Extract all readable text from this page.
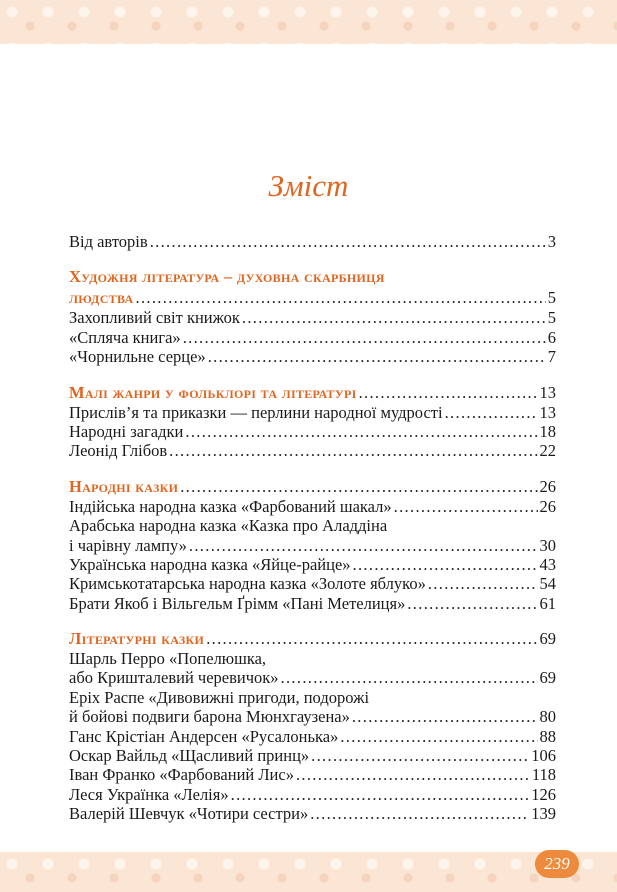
Зміст
Від авторів . . .	3
Художня література – духовна скарбниця
людства . . .	5
Захопливий світ книжок . . .	5
«Спляча книга» . . .	6
«Чорнильне серце» . . .	7
Малі жанри у фольклорі та літературі . . .	13
Прислів’я та приказки — перлини народної мудрості . . .	13
Народні загадки . . .	18
Леонід Глібов . . .	22
Народні казки . . .	26
Індійська народна казка «Фарбований шакал» . . .	26
Арабська народна казка «Казка про Аладдіна
і чарівну лампу» . . .	30
Українська народна казка «Яйце-райце» . . .	43
Кримськотатарська народна казка «Золоте яблуко» . . .	54
Брати Якоб і Вільгельм Ґрімм «Пані Метелиця» . . .	61
Літературні казки . . .	69
Шарль Перро «Попелюшка,
або Кришталевий черевичок» . . .	69
Еріх Распе «Дивовижні пригоди, подорожі
й бойові подвиги барона Мюнхгаузена» . . .	80
Ганс Крістіан Андерсен «Русалонька» . . .	88
Оскар Вайльд «Щасливий принц» . . .	106
Іван Франко «Фарбований Лис» . . .	118
Леся Українка «Лелія» . . .	126
Валерій Шевчук «Чотири сестри» . . .	139
239
